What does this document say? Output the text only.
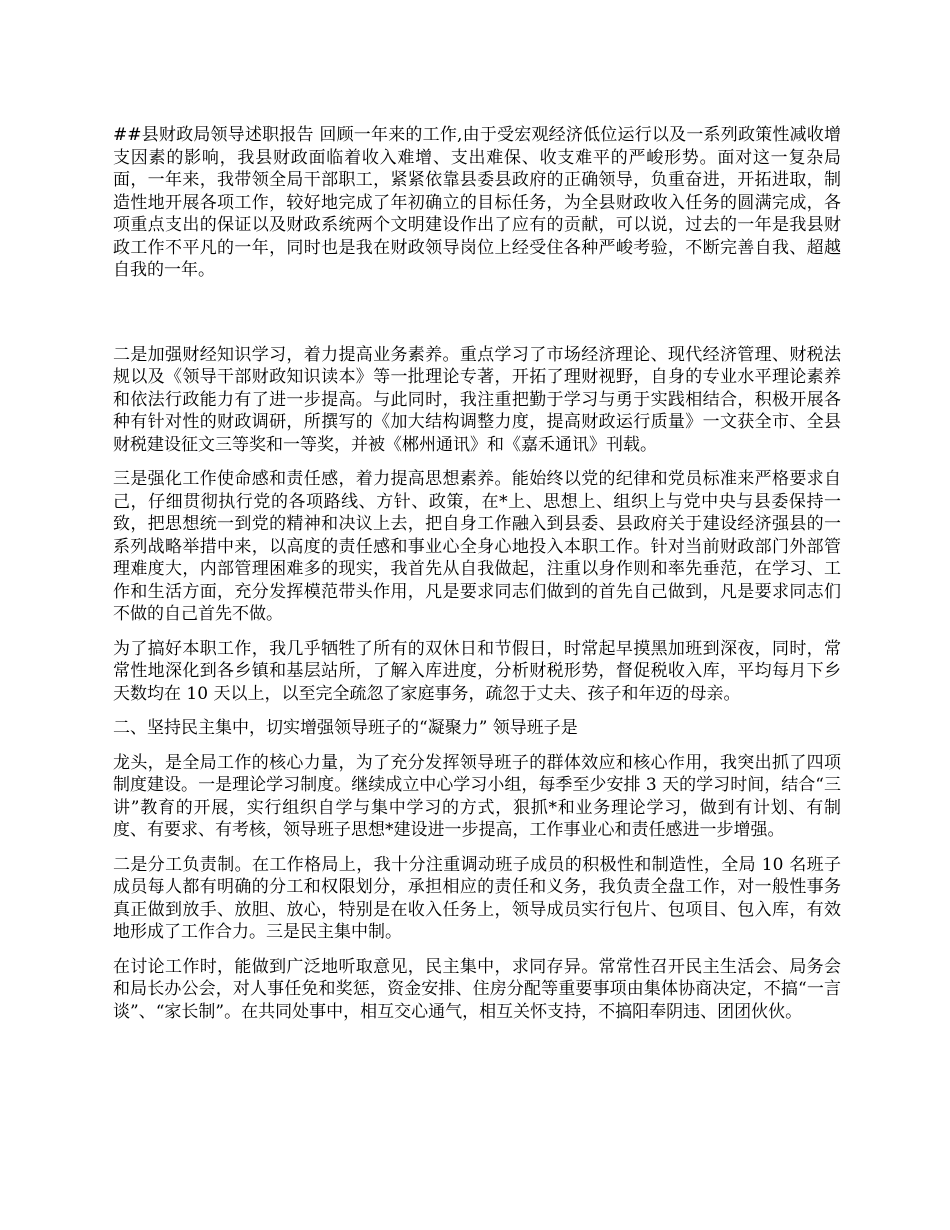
##县财政局领导述职报告 回顾一年来的工作,由于受宏观经济低位运行以及一系列政策性减收增支因素的影响，我县财政面临着收入难增、支出难保、收支难平的严峻形势。面对这一复杂局面，一年来，我带领全局干部职工，紧紧依靠县委县政府的正确领导，负重奋进，开拓进取，制造性地开展各项工作，较好地完成了年初确立的目标任务，为全县财政收入任务的圆满完成，各项重点支出的保证以及财政系统两个文明建设作出了应有的贡献，可以说，过去的一年是我县财政工作不平凡的一年，同时也是我在财政领导岗位上经受住各种严峻考验，不断完善自我、超越自我的一年。

二是加强财经知识学习，着力提高业务素养。重点学习了市场经济理论、现代经济管理、财税法规以及《领导干部财政知识读本》等一批理论专著，开拓了理财视野，自身的专业水平理论素养和依法行政能力有了进一步提高。与此同时，我注重把勤于学习与勇于实践相结合，积极开展各种有针对性的财政调研，所撰写的《加大结构调整力度，提高财政运行质量》一文获全市、全县财税建设征文三等奖和一等奖，并被《郴州通讯》和《嘉禾通讯》刊载。

三是强化工作使命感和责任感，着力提高思想素养。能始终以党的纪律和党员标准来严格要求自己，仔细贯彻执行党的各项路线、方针、政策，在*上、思想上、组织上与党中央与县委保持一致，把思想统一到党的精神和决议上去，把自身工作融入到县委、县政府关于建设经济强县的一系列战略举措中来，以高度的责任感和事业心全身心地投入本职工作。针对当前财政部门外部管理难度大，内部管理困难多的现实，我首先从自我做起，注重以身作则和率先垂范，在学习、工作和生活方面，充分发挥模范带头作用，凡是要求同志们做到的首先自己做到，凡是要求同志们不做的自己首先不做。

为了搞好本职工作，我几乎牺牲了所有的双休日和节假日，时常起早摸黑加班到深夜，同时，常常性地深化到各乡镇和基层站所，了解入库进度，分析财税形势，督促税收入库，平均每月下乡天数均在 10 天以上，以至完全疏忽了家庭事务，疏忽于丈夫、孩子和年迈的母亲。

二、坚持民主集中，切实增强领导班子的“凝聚力” 领导班子是

龙头，是全局工作的核心力量，为了充分发挥领导班子的群体效应和核心作用，我突出抓了四项制度建设。一是理论学习制度。继续成立中心学习小组，每季至少安排 3 天的学习时间，结合“三讲”教育的开展，实行组织自学与集中学习的方式，狠抓*和业务理论学习，做到有计划、有制度、有要求、有考核，领导班子思想*建设进一步提高，工作事业心和责任感进一步增强。

二是分工负责制。在工作格局上，我十分注重调动班子成员的积极性和制造性，全局 10 名班子成员每人都有明确的分工和权限划分，承担相应的责任和义务，我负责全盘工作，对一般性事务真正做到放手、放胆、放心，特别是在收入任务上，领导成员实行包片、包项目、包入库，有效地形成了工作合力。三是民主集中制。

在讨论工作时，能做到广泛地听取意见，民主集中，求同存异。常常性召开民主生活会、局务会和局长办公会，对人事任免和奖惩，资金安排、住房分配等重要事项由集体协商决定，不搞“一言谈”、“家长制”。在共同处事中，相互交心通气，相互关怀支持，不搞阳奉阴违、团团伙伙。
